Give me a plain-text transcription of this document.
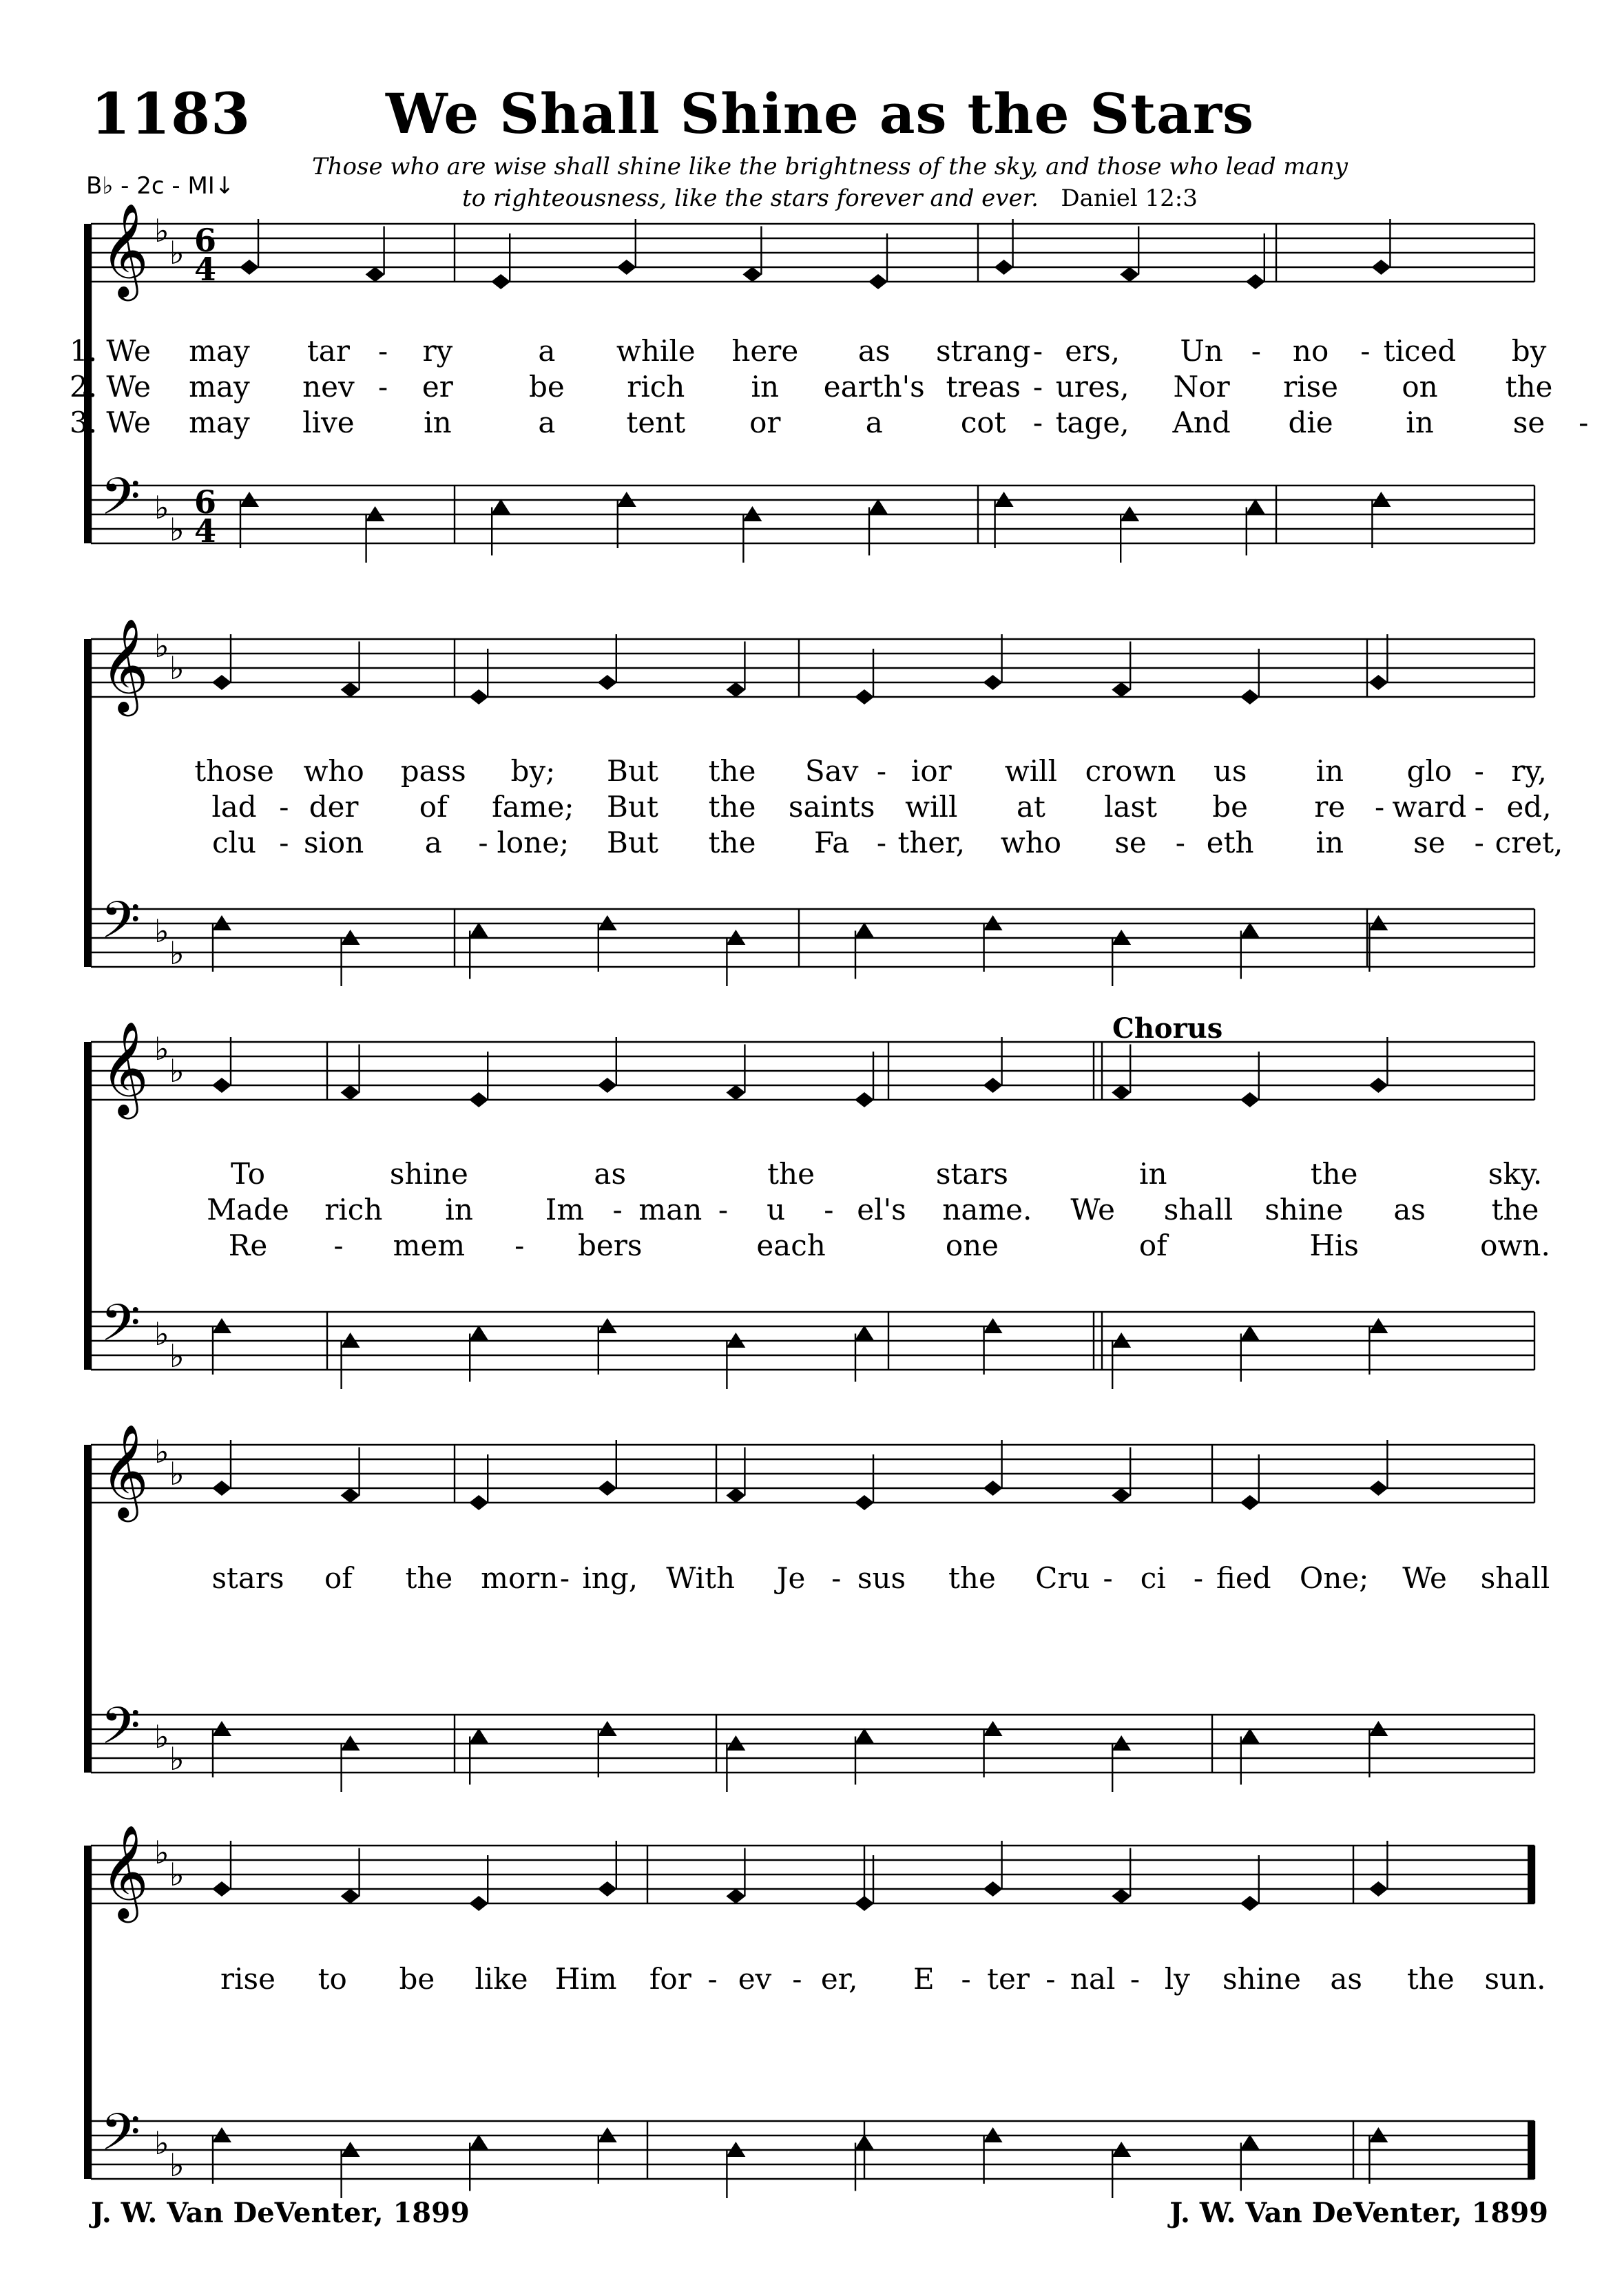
1183 We Shall Shine as the Stars
Those who are wise shall shine like the brightness of the sky, and those who lead many
to righteousness, like the stars forever and ever. Daniel 12:3
B♭ - 2c - MI↓
Chorus
J. W. Van DeVenter, 1899	J. W. Van DeVenter, 1899
𝄞
𝄢
♭
♭
♭
♭
6
4
6
4
𝄞
𝄢
♭
♭
♭
♭
𝄞
𝄢
♭
♭
♭
♭
𝄞
𝄢
♭
♭
♭
♭
𝄞
𝄢
♭
♭
♭
♭
1. We may tar - ry	a while here as strang - ers, Un - no - ticed by
2. We may nev - er	be rich in earth's treas - ures, Nor rise on the
3. We may live in	a tent or	a	cot - tage, And die	in	se -
those who pass by; But the Sav - ior will crown us in glo - ry,
lad - der of fame; But the saints will at last be re - ward - ed,
clu - sion a - lone; But the Fa - ther, who se - eth in se - cret,
To	shine	as	the	stars	in	the	sky.
Made rich in Im - man - u - el's name. We shall shine as the
Re - mem - bers	each	one	of	His	own.
stars of the morn - ing, With Je - sus the Cru - ci - fied One; We shall
rise to be like Him for - ev - er, E - ter - nal - ly shine as the sun.
